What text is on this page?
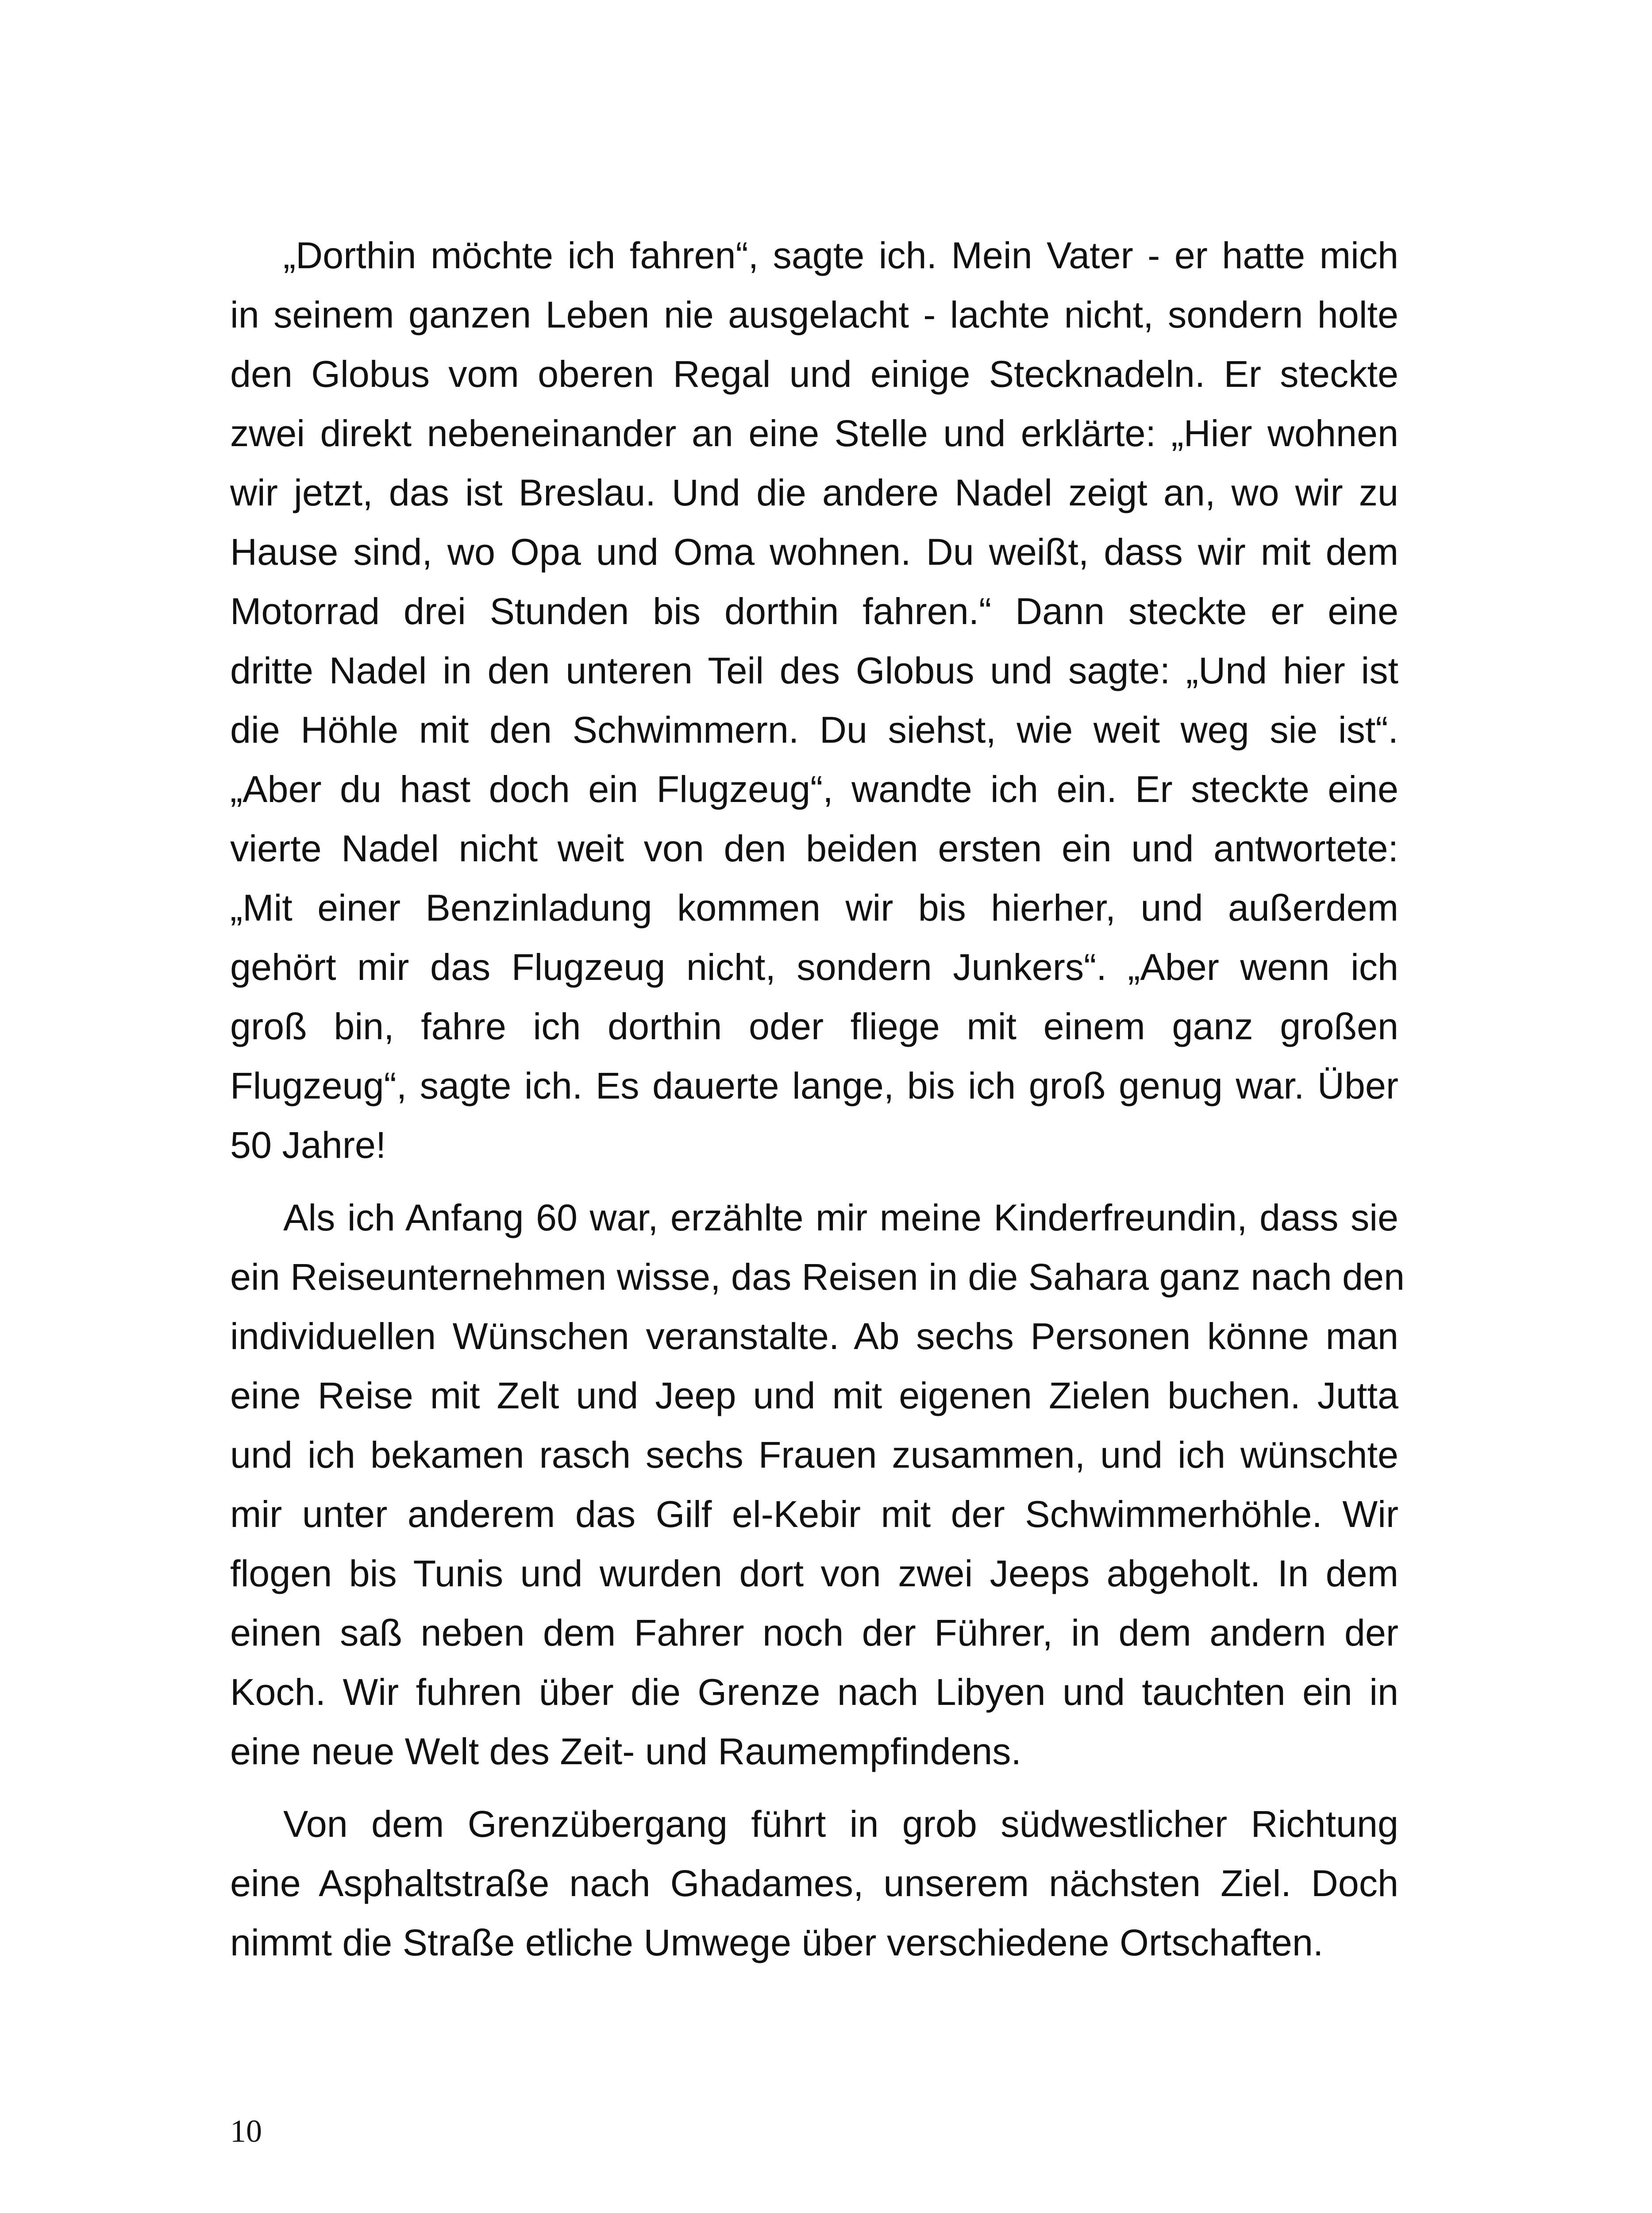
„Dorthin möchte ich fahren“, sagte ich. Mein Vater - er hatte mich
in seinem ganzen Leben nie ausgelacht - lachte nicht, sondern holte
den Globus vom oberen Regal und einige Stecknadeln. Er steckte
zwei direkt nebeneinander an eine Stelle und erklärte: „Hier wohnen
wir jetzt, das ist Breslau. Und die andere Nadel zeigt an, wo wir zu
Hause sind, wo Opa und Oma wohnen. Du weißt, dass wir mit dem
Motorrad drei Stunden bis dorthin fahren.“ Dann steckte er eine
dritte Nadel in den unteren Teil des Globus und sagte: „Und hier ist
die Höhle mit den Schwimmern. Du siehst, wie weit weg sie ist“.
„Aber du hast doch ein Flugzeug“, wandte ich ein. Er steckte eine
vierte Nadel nicht weit von den beiden ersten ein und antwortete:
„Mit einer Benzinladung kommen wir bis hierher, und außerdem
gehört mir das Flugzeug nicht, sondern Junkers“. „Aber wenn ich
groß bin, fahre ich dorthin oder fliege mit einem ganz großen
Flugzeug“, sagte ich. Es dauerte lange, bis ich groß genug war. Über
50 Jahre!

Als ich Anfang 60 war, erzählte mir meine Kinderfreundin, dass sie
ein Reiseunternehmen wisse, das Reisen in die Sahara ganz nach den
individuellen Wünschen veranstalte. Ab sechs Personen könne man
eine Reise mit Zelt und Jeep und mit eigenen Zielen buchen. Jutta
und ich bekamen rasch sechs Frauen zusammen, und ich wünschte
mir unter anderem das Gilf el-Kebir mit der Schwimmerhöhle. Wir
flogen bis Tunis und wurden dort von zwei Jeeps abgeholt. In dem
einen saß neben dem Fahrer noch der Führer, in dem andern der
Koch. Wir fuhren über die Grenze nach Libyen und tauchten ein in
eine neue Welt des Zeit- und Raumempfindens.

Von dem Grenzübergang führt in grob südwestlicher Richtung
eine Asphaltstraße nach Ghadames, unserem nächsten Ziel. Doch
nimmt die Straße etliche Umwege über verschiedene Ortschaften.

10
